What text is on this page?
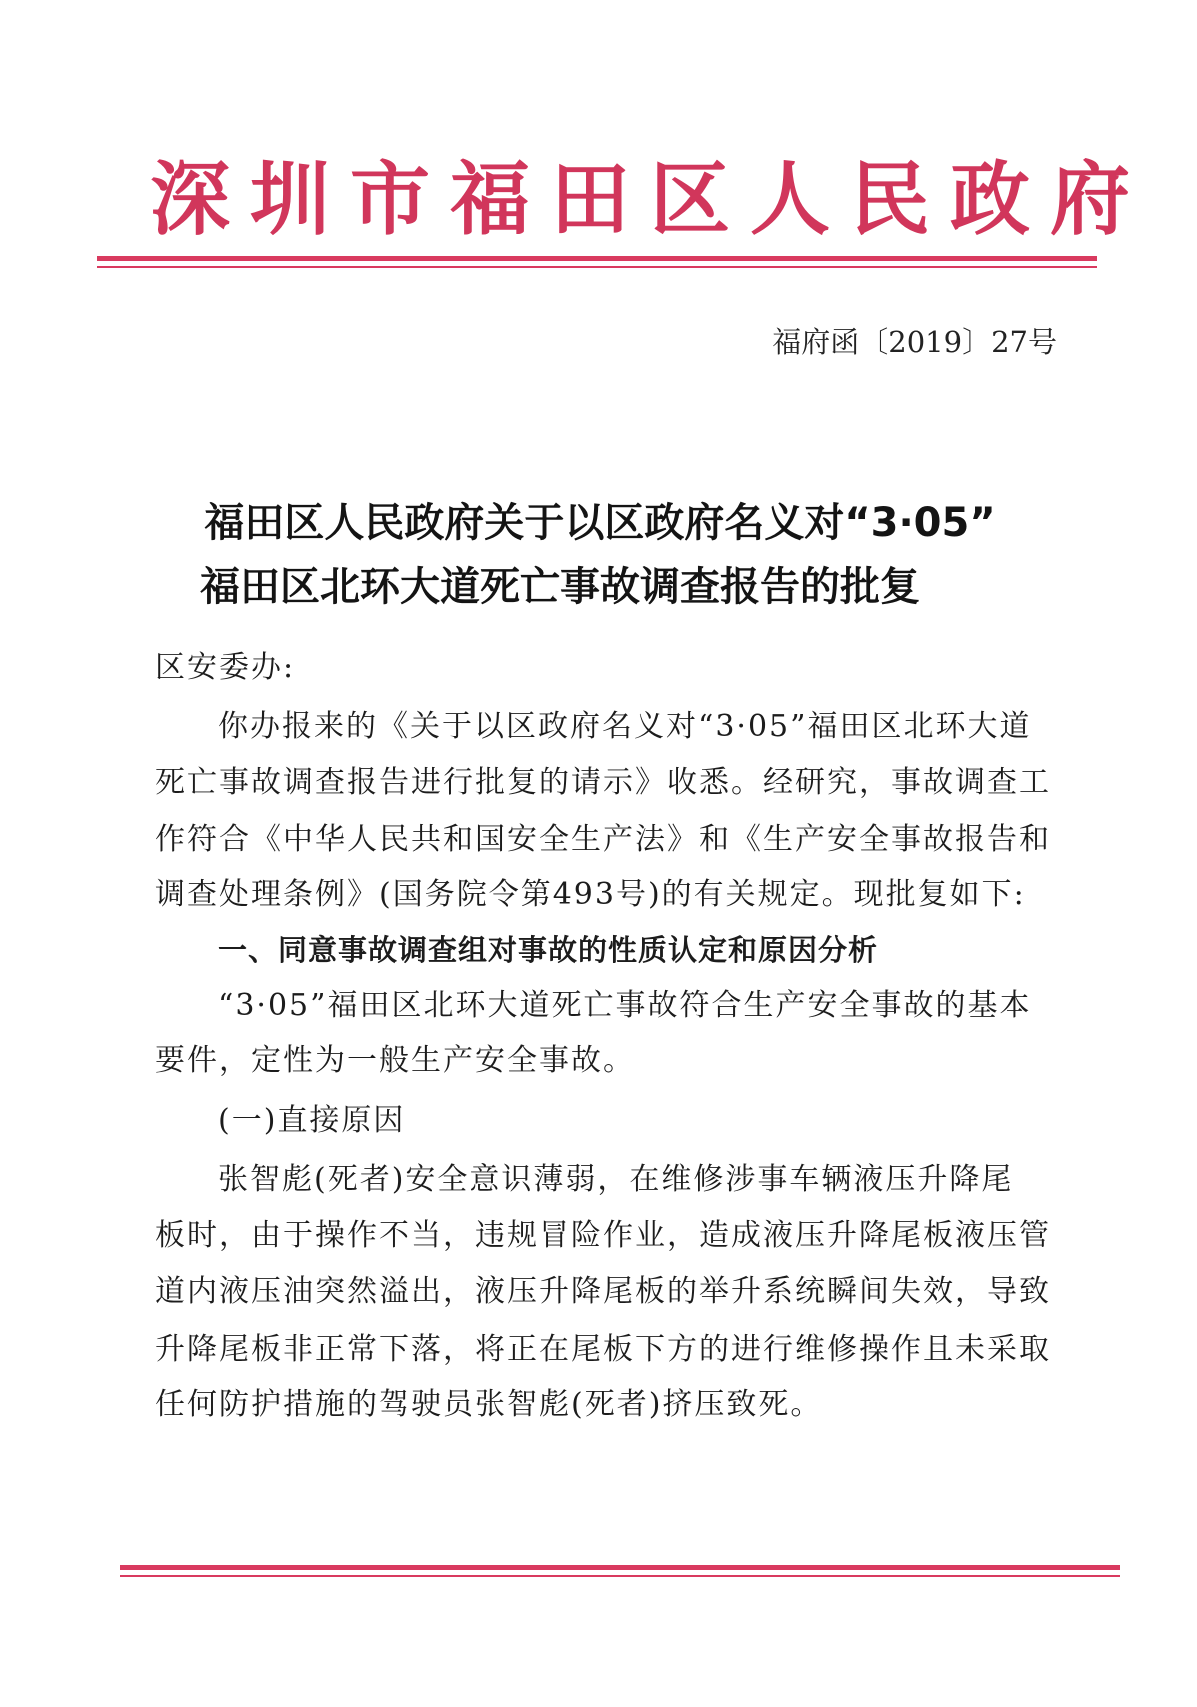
深圳市福田区人民政府
福府函〔2019〕27号
福田区人民政府关于以区政府名义对“3·05”
福田区北环大道死亡事故调查报告的批复
区安委办:
你办报来的《关于以区政府名义对“3·05”福田区北环大道
死亡事故调查报告进行批复的请示》收悉。经研究，事故调查工
作符合《中华人民共和国安全生产法》和《生产安全事故报告和
调查处理条例》(国务院令第493号)的有关规定。现批复如下:
一、同意事故调查组对事故的性质认定和原因分析
“3·05”福田区北环大道死亡事故符合生产安全事故的基本
要件，定性为一般生产安全事故。
(一)直接原因
张智彪(死者)安全意识薄弱，在维修涉事车辆液压升降尾
板时，由于操作不当，违规冒险作业，造成液压升降尾板液压管
道内液压油突然溢出，液压升降尾板的举升系统瞬间失效，导致
升降尾板非正常下落，将正在尾板下方的进行维修操作且未采取
任何防护措施的驾驶员张智彪(死者)挤压致死。
